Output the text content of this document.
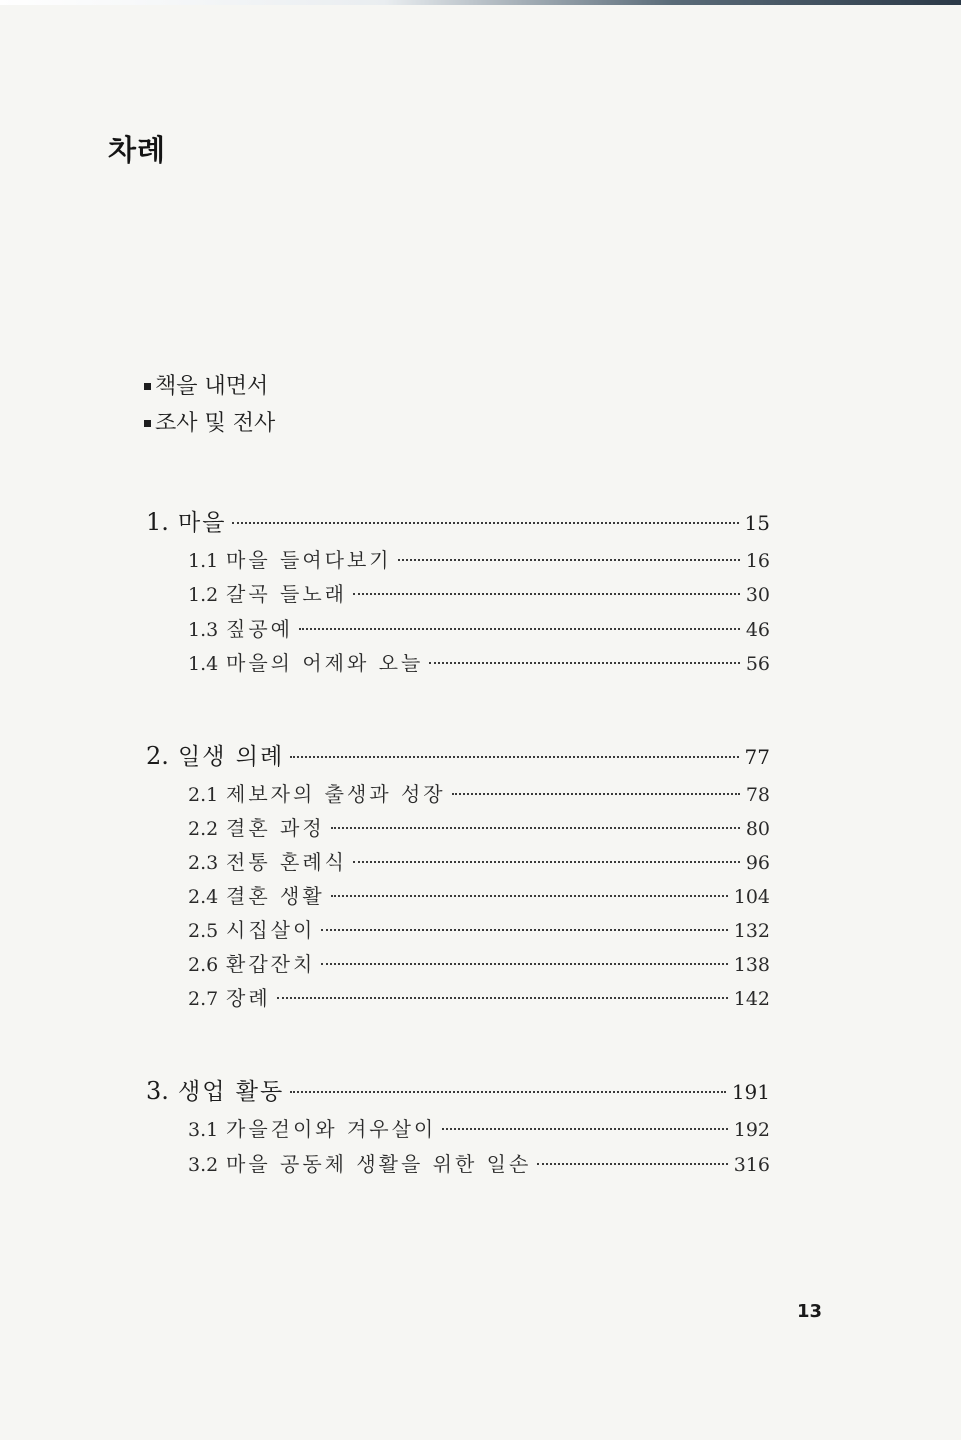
차례
책을 내면서
조사 및 전사
1. 마을	15
1.1 마을 들여다보기	16
1.2 갈곡 들노래	30
1.3 짚공예	46
1.4 마을의 어제와 오늘	56
2. 일생 의례	77
2.1 제보자의 출생과 성장	78
2.2 결혼 과정	80
2.3 전통 혼례식	96
2.4 결혼 생활	104
2.5 시집살이	132
2.6 환갑잔치	138
2.7 장례	142
3. 생업 활동	191
3.1 가을걷이와 겨우살이	192
3.2 마을 공동체 생활을 위한 일손	316
13
